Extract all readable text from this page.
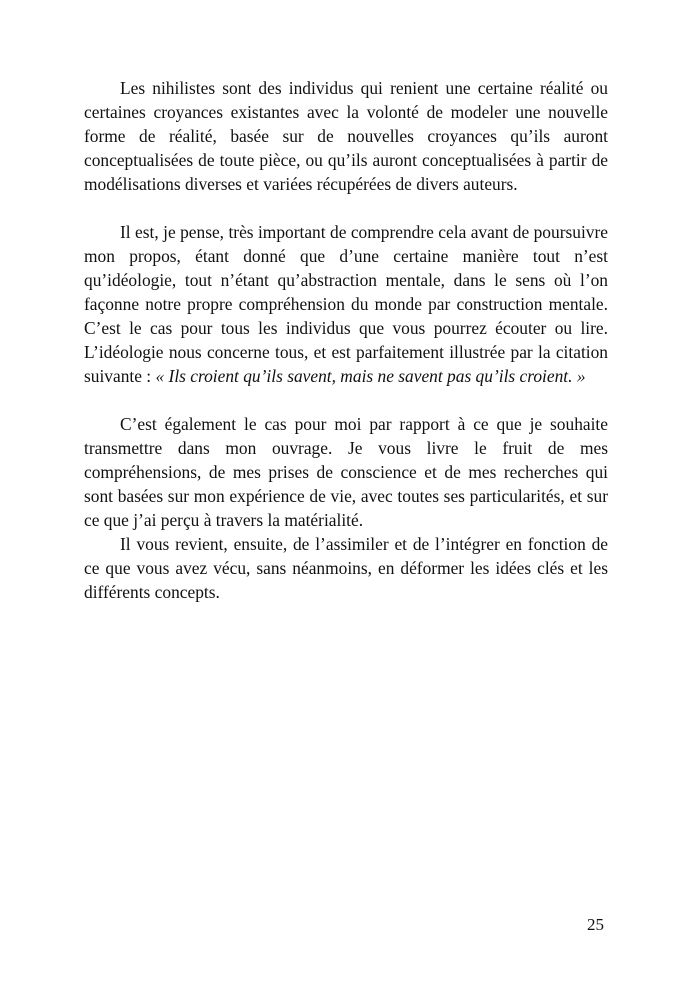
Les nihilistes sont des individus qui renient une certaine réalité ou certaines croyances existantes avec la volonté de modeler une nouvelle forme de réalité, basée sur de nouvelles croyances qu’ils auront conceptualisées de toute pièce, ou qu’ils auront conceptualisées à partir de modélisations diverses et variées récupérées de divers auteurs.

Il est, je pense, très important de comprendre cela avant de poursuivre mon propos, étant donné que d’une certaine manière tout n’est qu’idéologie, tout n’étant qu’abstraction mentale, dans le sens où l’on façonne notre propre compréhension du monde par construction mentale. C’est le cas pour tous les individus que vous pourrez écouter ou lire. L’idéologie nous concerne tous, et est parfaitement illustrée par la citation suivante : « Ils croient qu’ils savent, mais ne savent pas qu’ils croient. »

C’est également le cas pour moi par rapport à ce que je souhaite transmettre dans mon ouvrage. Je vous livre le fruit de mes compréhensions, de mes prises de conscience et de mes recherches qui sont basées sur mon expérience de vie, avec toutes ses particularités, et sur ce que j’ai perçu à travers la matérialité.

Il vous revient, ensuite, de l’assimiler et de l’intégrer en fonction de ce que vous avez vécu, sans néanmoins, en déformer les idées clés et les différents concepts.

25
